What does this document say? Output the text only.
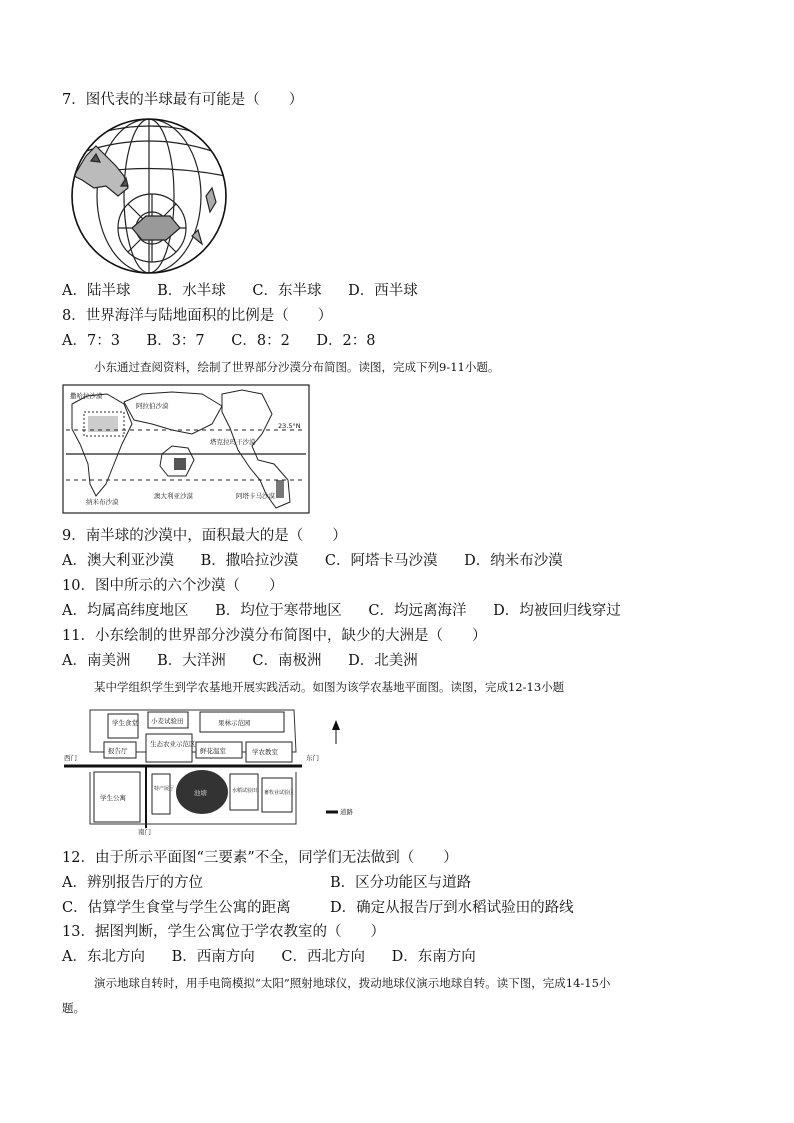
7．图代表的半球最有可能是（　　）
A．陆半球 B．水半球 C．东半球 D．西半球
8．世界海洋与陆地面积的比例是（　　）
A．7：3 B．3：7 C．8：2 D．2：8
小东通过查阅资料，绘制了世界部分沙漠分布简图。读图，完成下列9-11小题。
撒哈拉沙漠
阿拉伯沙漠
塔克拉玛干沙漠
澳大利亚沙漠
纳米布沙漠
阿塔卡马沙漠
23.5°N
9．南半球的沙漠中，面积最大的是（　　）
A．澳大利亚沙漠 B．撒哈拉沙漠 C．阿塔卡马沙漠 D．纳米布沙漠
10．图中所示的六个沙漠（　　）
A．均属高纬度地区 B．均位于寒带地区 C．均远离海洋 D．均被回归线穿过
11．小东绘制的世界部分沙漠分布简图中，缺少的大洲是（　　）
A．南美洲 B．大洋洲 C．南极洲 D．北美洲
某中学组织学生到学农基地开展实践活动。如图为该学农基地平面图。读图，完成12-13小题
学生食堂 小麦试验田	果林示范园
报告厅
生态农业示范区
鲜花温室	学农教室
西门	东门
学生公寓
特产展厅	池塘	水稻试验田 畜牧业试验区
南门
道路
12．由于所示平面图“三要素”不全，同学们无法做到（　　）
A．辨别报告厅的方位	B．区分功能区与道路
C．估算学生食堂与学生公寓的距离	D．确定从报告厅到水稻试验田的路线
13．据图判断，学生公寓位于学农教室的（　　）
A．东北方向 B．西南方向 C．西北方向 D．东南方向
演示地球自转时，用手电筒模拟“太阳”照射地球仪，拨动地球仪演示地球自转。读下图，完成14-15小
题。
